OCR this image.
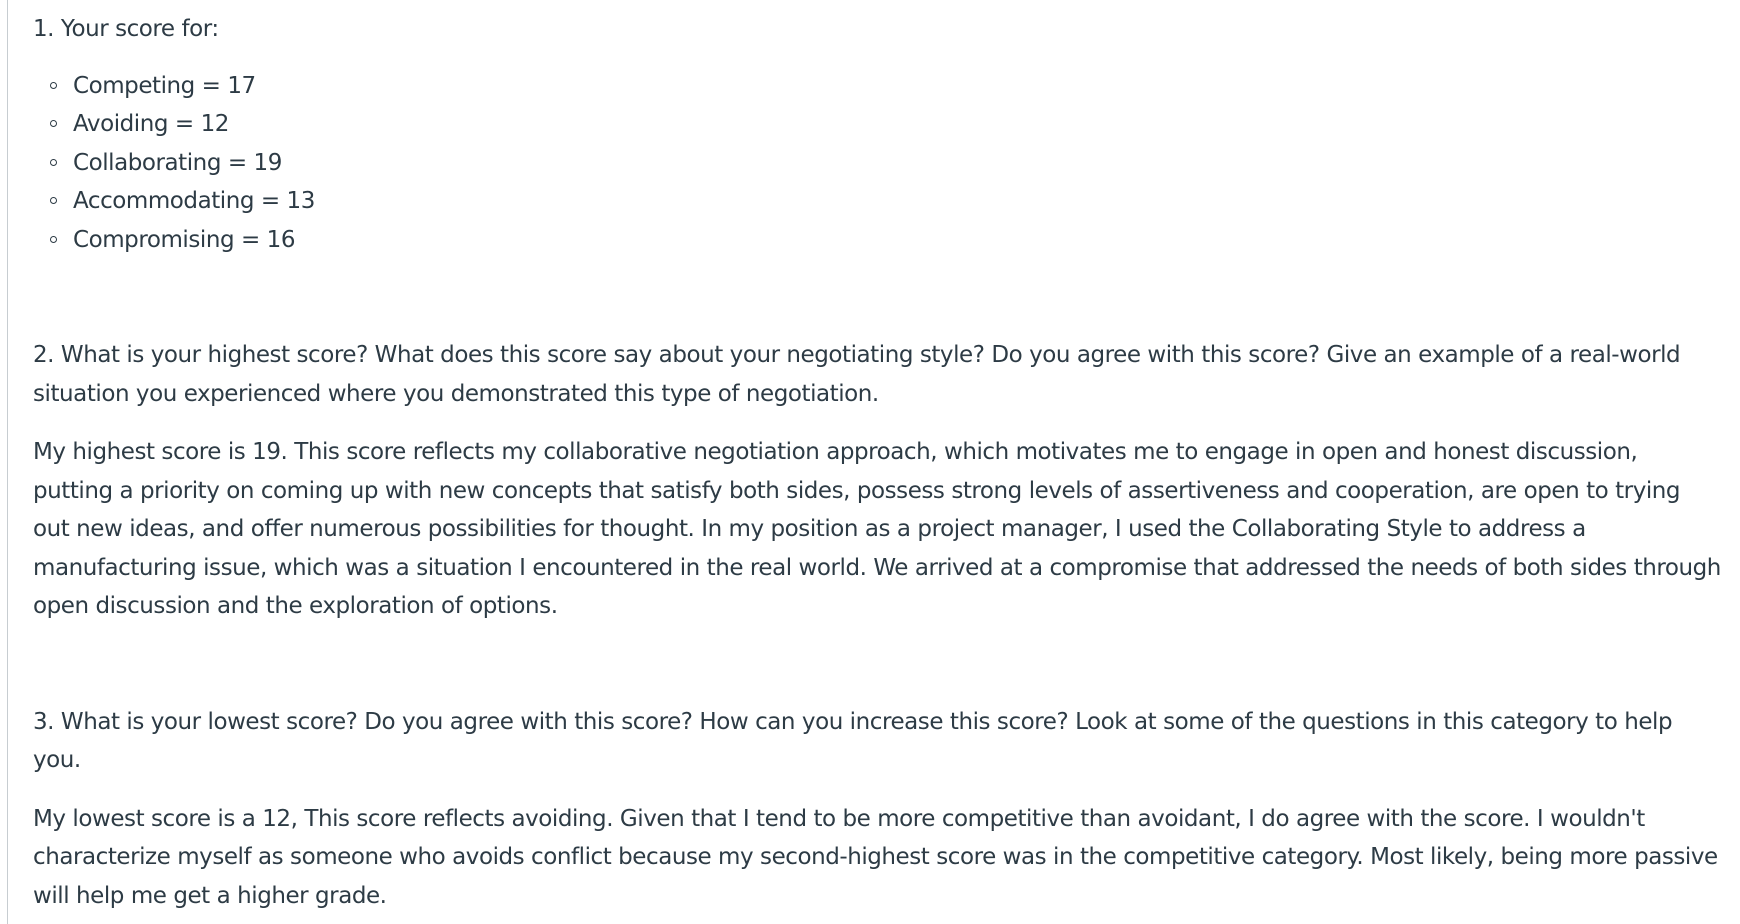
1. Your score for:

Competing = 17
Avoiding = 12
Collaborating = 19
Accommodating = 13
Compromising = 16

2. What is your highest score? What does this score say about your negotiating style? Do you agree with this score? Give an example of a real-world
situation you experienced where you demonstrated this type of negotiation.

My highest score is 19. This score reflects my collaborative negotiation approach, which motivates me to engage in open and honest discussion,
putting a priority on coming up with new concepts that satisfy both sides, possess strong levels of assertiveness and cooperation, are open to trying
out new ideas, and offer numerous possibilities for thought. In my position as a project manager, I used the Collaborating Style to address a
manufacturing issue, which was a situation I encountered in the real world. We arrived at a compromise that addressed the needs of both sides through
open discussion and the exploration of options.

3. What is your lowest score? Do you agree with this score? How can you increase this score? Look at some of the questions in this category to help
you.

My lowest score is a 12, This score reflects avoiding. Given that I tend to be more competitive than avoidant, I do agree with the score. I wouldn't
characterize myself as someone who avoids conflict because my second-highest score was in the competitive category. Most likely, being more passive
will help me get a higher grade.
